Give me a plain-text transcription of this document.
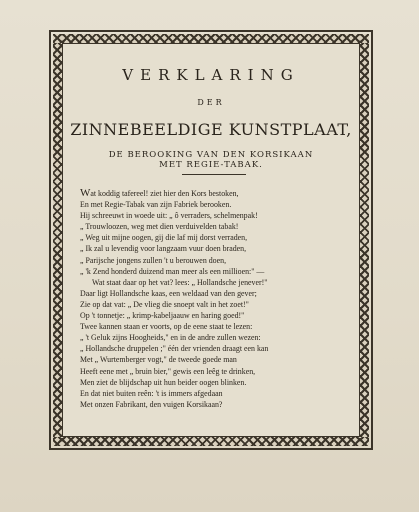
VERKLARING
DER
ZINNEBEELDIGE KUNSTPLAAT,
DE BEROOKING VAN DEN KORSIKAAN
MET REGIE-TABAK.
Wat koddig tafereel! ziet hier den Kors bestoken,
En met Regie-Tabak van zijn Fabriek berooken.
Hij schreeuwt in woede uit: „ ô verraders, schelmenpak!
„ Trouwloozen, weg met dien verduivelden tabak!
„ Weg uit mijne oogen, gij die laf mij dorst verraden,
„ Ik zal u levendig voor langzaam vuur doen braden,
„ Parijsche jongens zullen 't u berouwen doen,
„ 'k Zend honderd duizend man meer als een millioen:" —
Wat staat daar op het vat? lees: „ Hollandsche jenever!"
Daar ligt Hollandsche kaas, een weldaad van den gever;
Zie op dat vat: „ De vlieg die snoept valt in het zoet!"
Op 't tonnetje: „ krimp-kabeljaauw en haring goed!"
Twee kannen staan er voorts, op de eene staat te lezen:
„ 't Geluk zijns Hoogheids," en in de andre zullen wezen:
„ Hollandsche druppelen ;" één der vrienden draagt een kan
Met „ Wurtemberger vogt," de tweede goede man
Heeft eene met „ bruin bier," gewis een leêg te drinken,
Men ziet de blijdschap uit hun beider oogen blinken.
En dat niet buiten reên: 't is immers afgedaan
Met onzen Fabrikant, den vuigen Korsikaan?
